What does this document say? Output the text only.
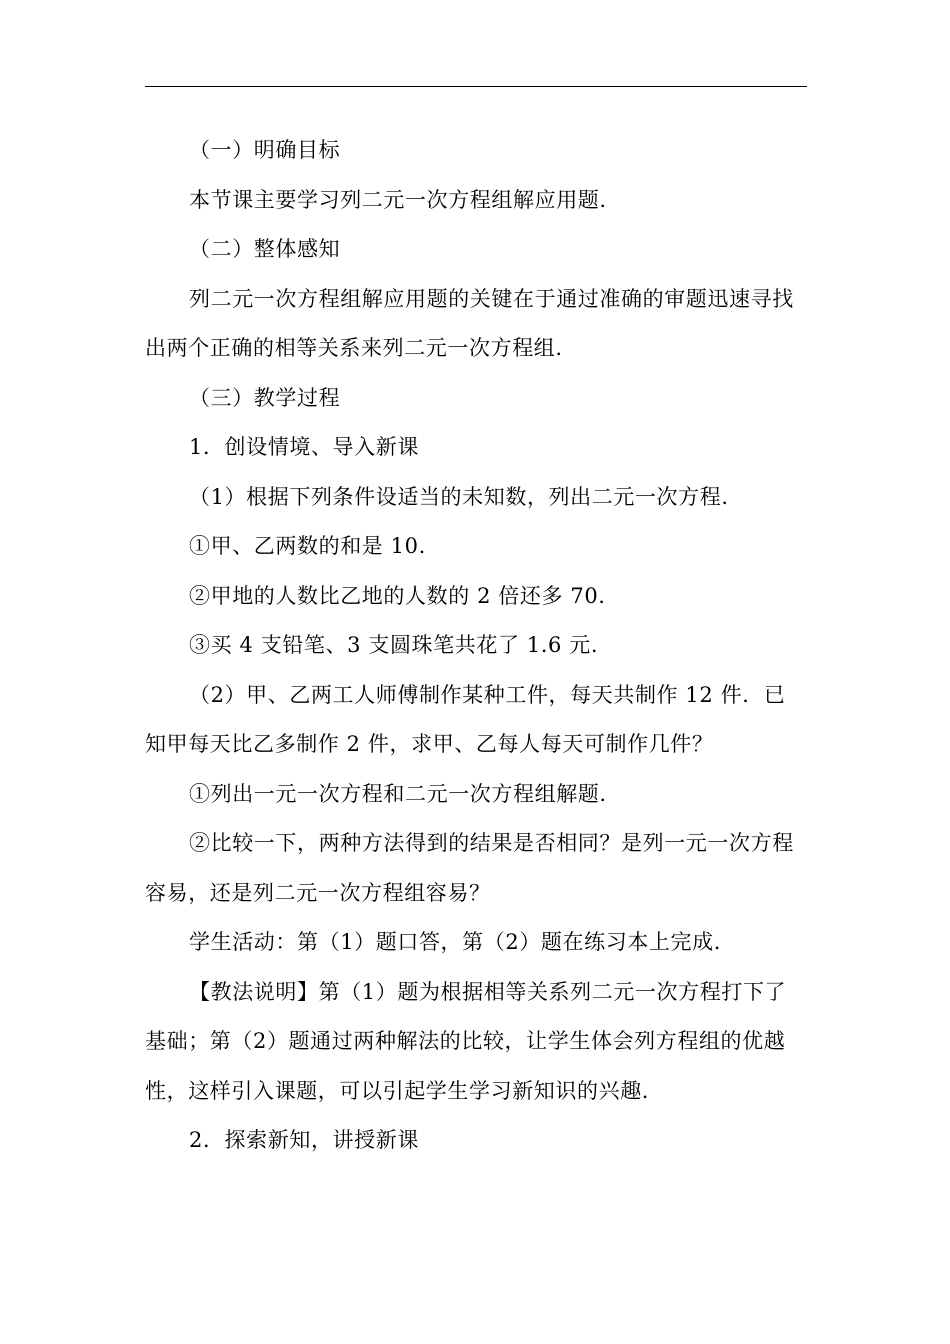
（一）明确目标

本节课主要学习列二元一次方程组解应用题.

（二）整体感知

列二元一次方程组解应用题的关键在于通过准确的审题迅速寻找出两个正确的相等关系来列二元一次方程组.

（三）教学过程

1．创设情境、导入新课

（1）根据下列条件设适当的未知数，列出二元一次方程.

①甲、乙两数的和是 10.

②甲地的人数比乙地的人数的 2 倍还多 70.

③买 4 支铅笔、3 支圆珠笔共花了 1.6 元.

（2）甲、乙两工人师傅制作某种工件，每天共制作 12 件．已知甲每天比乙多制作 2 件，求甲、乙每人每天可制作几件？

①列出一元一次方程和二元一次方程组解题.

②比较一下，两种方法得到的结果是否相同？是列一元一次方程容易，还是列二元一次方程组容易？

学生活动：第（1）题口答，第（2）题在练习本上完成.

【教法说明】第（1）题为根据相等关系列二元一次方程打下了基础；第（2）题通过两种解法的比较，让学生体会列方程组的优越性，这样引入课题，可以引起学生学习新知识的兴趣.

2．探索新知，讲授新课
